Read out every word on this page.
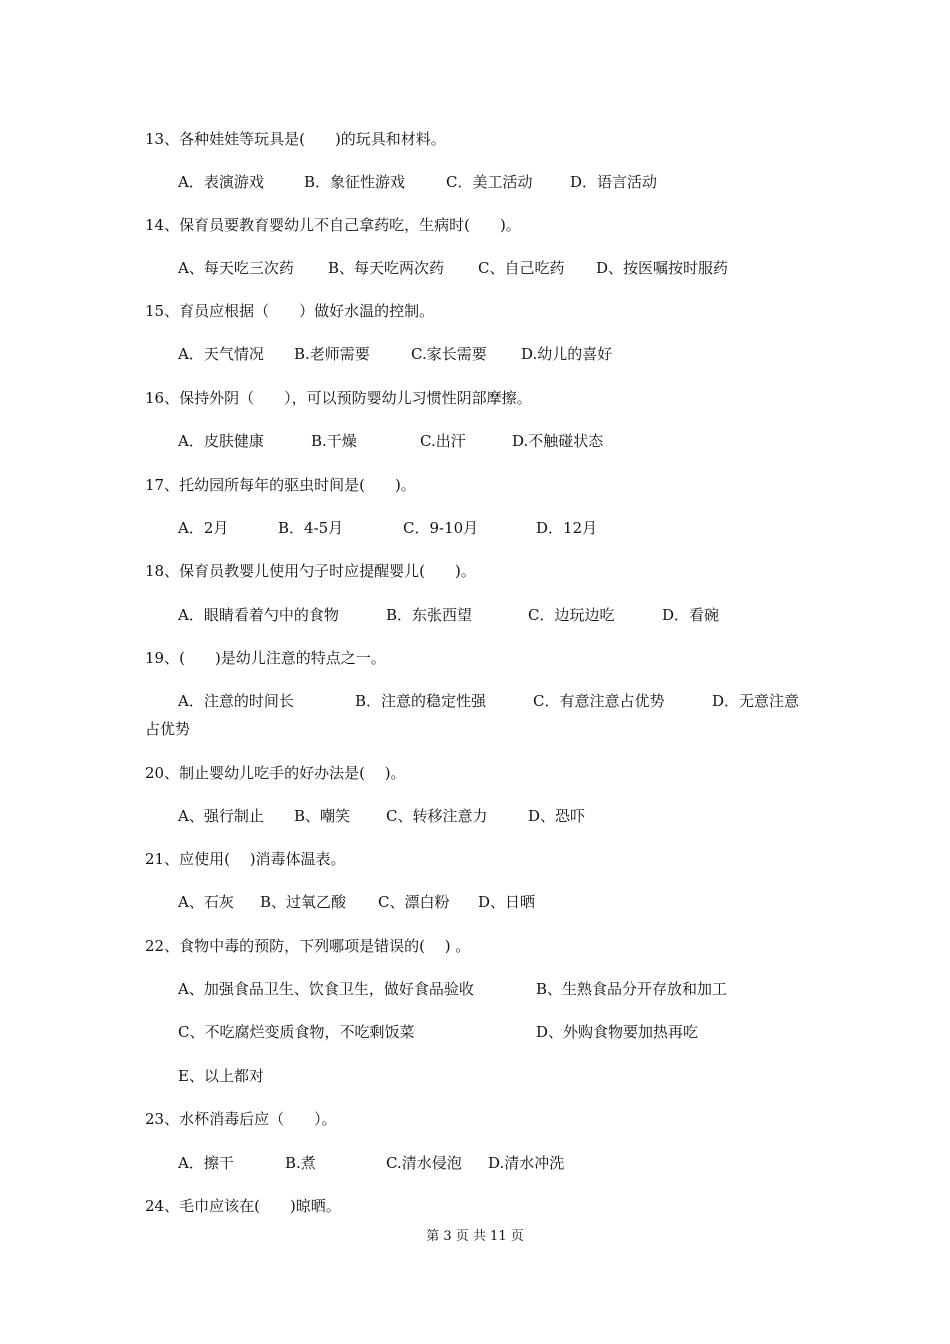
13、各种娃娃等玩具是(　　)的玩具和材料。

A．表演游戏

	B．象征性游戏

	C．美工活动

	D．语言活动

14、保育员要教育婴幼儿不自己拿药吃，生病时(　　)。

A、每天吃三次药

B、每天吃两次药

C、自己吃药

D、按医嘱按时服药

15、育员应根据（　　）做好水温的控制。

A．天气情况

B.老师需要

	C.家长需要

D.幼儿的喜好

16、保持外阴（　　），可以预防婴幼儿习惯性阴部摩擦。

A．皮肤健康

	B.干燥

	C.出汗

	D.不触碰状态

17、托幼园所每年的驱虫时间是(　　)。

A．2月

	B．4-5月

	C．9-10月

	D．12月

18、保育员教婴儿使用勺子时应提醒婴儿(　　)。

A．眼睛看着勺中的食物

	B．东张西望

	C．边玩边吃

	D．看碗

19、(　　)是幼儿注意的特点之一。

A．注意的时间长

	B．注意的稳定性强

	C．有意注意占优势

	D．无意注意

占优势
20、制止婴幼儿吃手的好办法是(　 )。

A、强行制止

B、嘲笑

C、转移注意力

	D、恐吓

21、应使用(　 )消毒体温表。

A、石灰

B、过氧乙酸

C、漂白粉

D、日晒

22、食物中毒的预防，下列哪项是错误的(　 ) 。

A、加强食品卫生、饮食卫生，做好食品验收

	B、生熟食品分开存放和加工

C、不吃腐烂变质食物，不吃剩饭菜

	D、外购食物要加热再吃

E、以上都对

23、水杯消毒后应（　　）。

A．擦干

	B.煮

	C.清水侵泡

D.清水冲洗

24、毛巾应该在(　　)晾晒。
第 3 页 共 11 页
